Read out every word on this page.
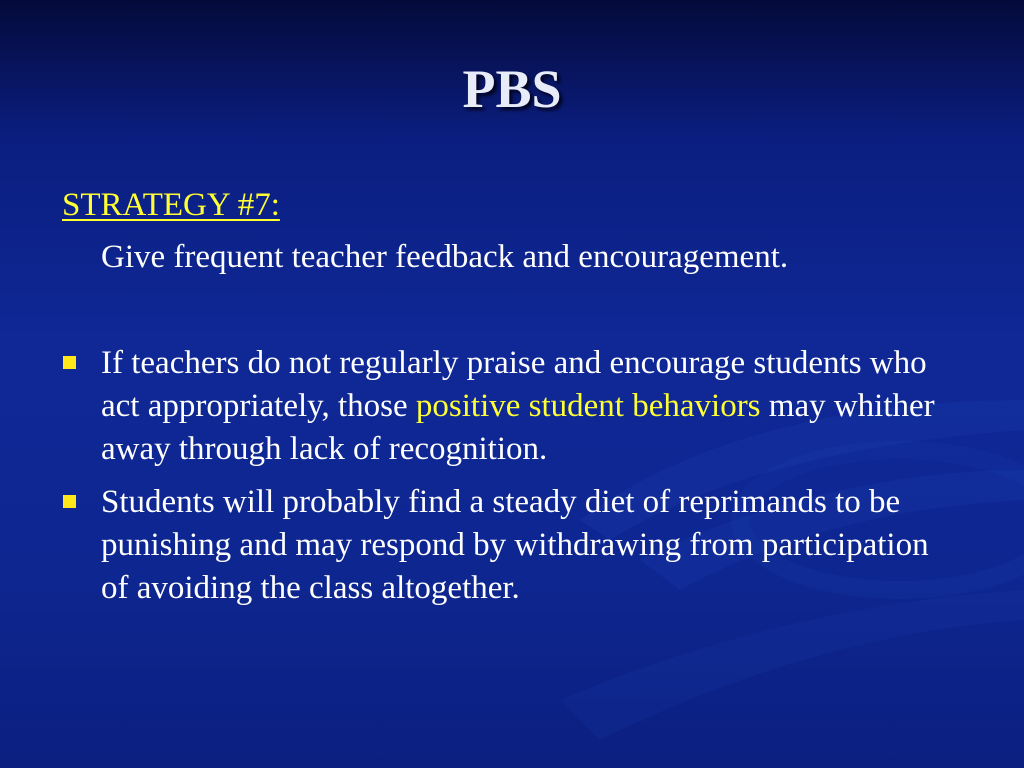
PBS

STRATEGY #7:

Give frequent teacher feedback and encouragement.

If teachers do not regularly praise and encourage students who act appropriately, those positive student behaviors may whither away through lack of recognition.
Students will probably find a steady diet of reprimands to be punishing and may respond by withdrawing from participation of avoiding the class altogether.
